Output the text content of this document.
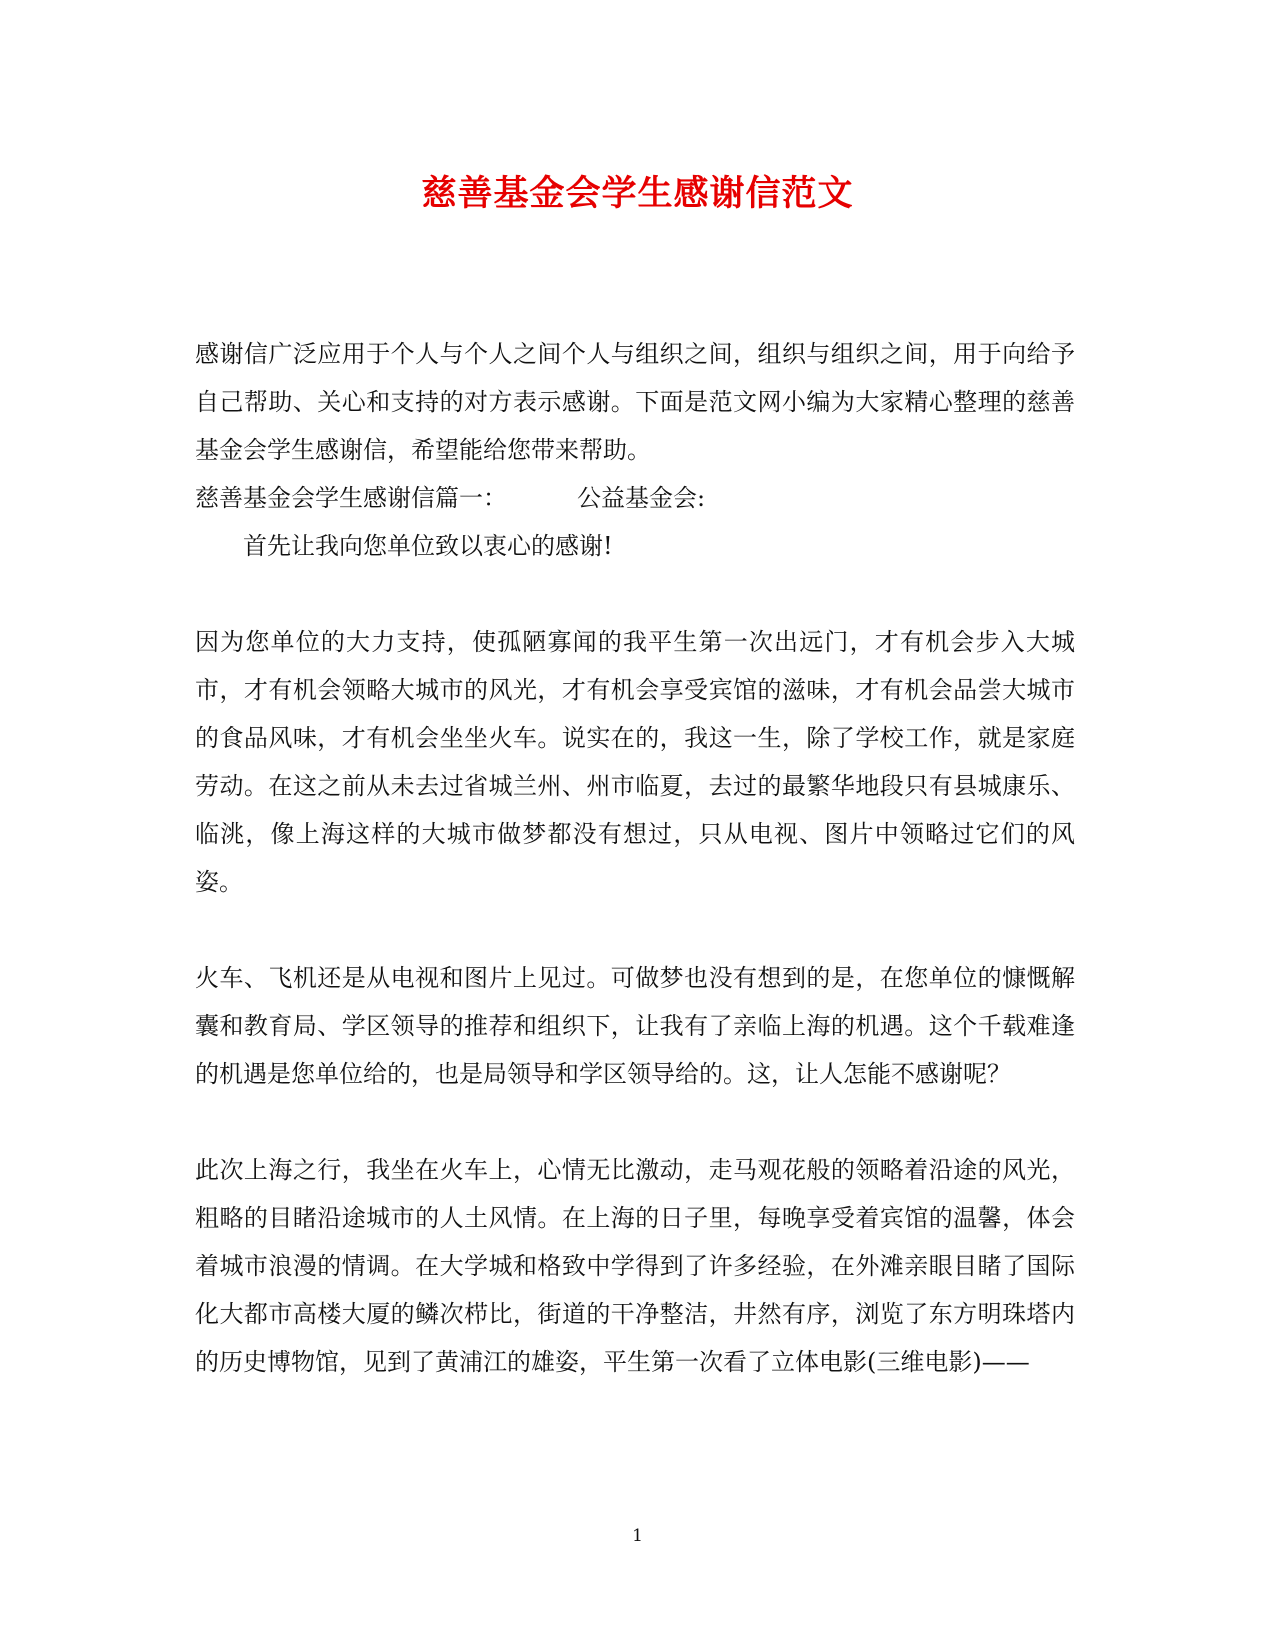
慈善基金会学生感谢信范文

感谢信广泛应用于个人与个人之间个人与组织之间，组织与组织之间，用于向给予自己帮助、关心和支持的对方表示感谢。下面是范文网小编为大家精心整理的慈善基金会学生感谢信，希望能给您带来帮助。

慈善基金会学生感谢信篇一：	公益基金会:

首先让我向您单位致以衷心的感谢!

因为您单位的大力支持，使孤陋寡闻的我平生第一次出远门，才有机会步入大城市，才有机会领略大城市的风光，才有机会享受宾馆的滋味，才有机会品尝大城市的食品风味，才有机会坐坐火车。说实在的，我这一生，除了学校工作，就是家庭劳动。在这之前从未去过省城兰州、州市临夏，去过的最繁华地段只有县城康乐、临洮，像上海这样的大城市做梦都没有想过，只从电视、图片中领略过它们的风姿。

火车、飞机还是从电视和图片上见过。可做梦也没有想到的是，在您单位的慷慨解囊和教育局、学区领导的推荐和组织下，让我有了亲临上海的机遇。这个千载难逢的机遇是您单位给的，也是局领导和学区领导给的。这，让人怎能不感谢呢？

此次上海之行，我坐在火车上，心情无比激动，走马观花般的领略着沿途的风光，粗略的目睹沿途城市的人土风情。在上海的日子里，每晚享受着宾馆的温馨，体会着城市浪漫的情调。在大学城和格致中学得到了许多经验，在外滩亲眼目睹了国际化大都市高楼大厦的鳞次栉比，街道的干净整洁，井然有序，浏览了东方明珠塔内的历史博物馆，见到了黄浦江的雄姿，平生第一次看了立体电影(三维电影)——

1
